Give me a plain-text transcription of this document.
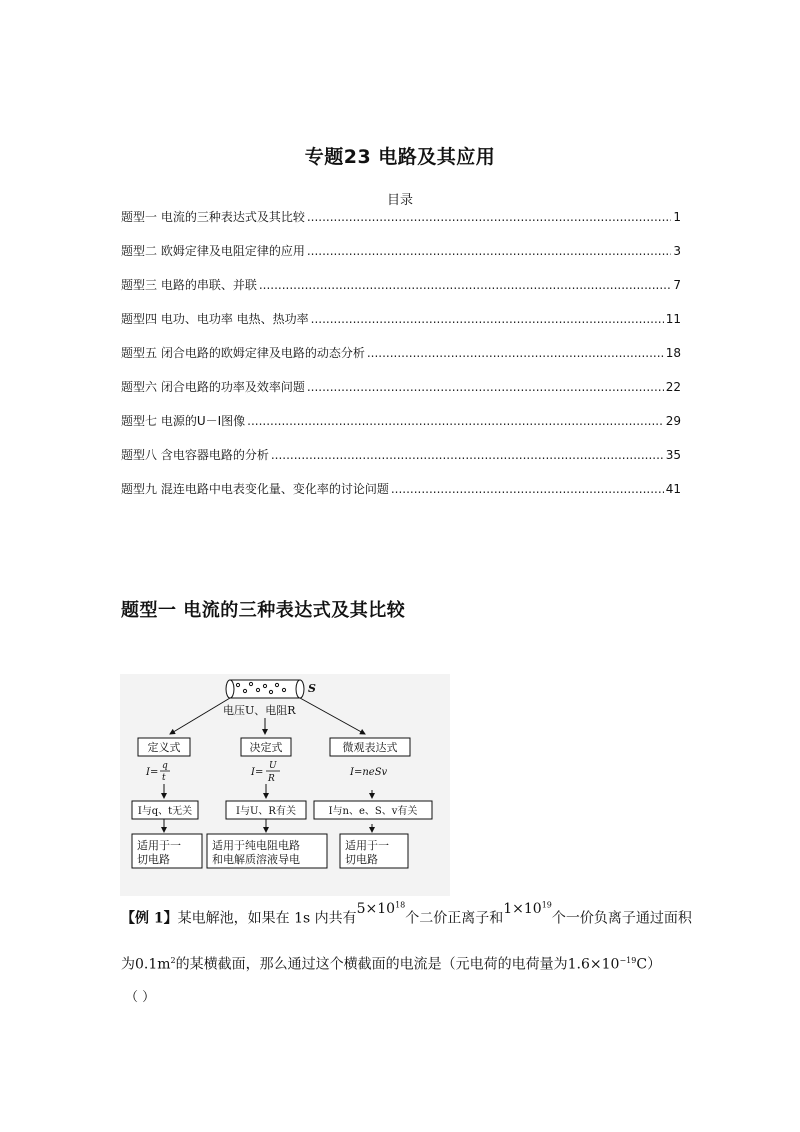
专题23 电路及其应用
目录
题型一 电流的三种表达式及其比较 .....	1
题型二 欧姆定律及电阻定律的应用 .....	3
题型三 电路的串联、并联 .....	7
题型四 电功、电功率 电热、热功率 .....	11
题型五 闭合电路的欧姆定律及电路的动态分析 .....	18
题型六 闭合电路的功率及效率问题 .....	22
题型七 电源的U－I图像 .....	29
题型八 含电容器电路的分析 .....	35
题型九 混连电路中电表变化量、变化率的讨论问题 .....	41
题型一 电流的三种表达式及其比较
S
电压U、电阻R
定义式	决定式	微观表达式
I=
q
t	I=
U
R
I=neSv
I与q、t无关	I与U、R有关	I与n、e、S、v有关
适用于一
切电路
适用于纯电阻电路
和电解质溶液导电
适用于一
切电路
【例 1】某电解池，如果在 1s 内共有$5\times 10^{18}$个二价正离子和$1\times 10^{19}$个一价负离子通过面积
为$0.1m^2$的某横截面，那么通过这个横截面的电流是（元电荷的电荷量为$1.6\times 10^{-19}C$）
（ ）
